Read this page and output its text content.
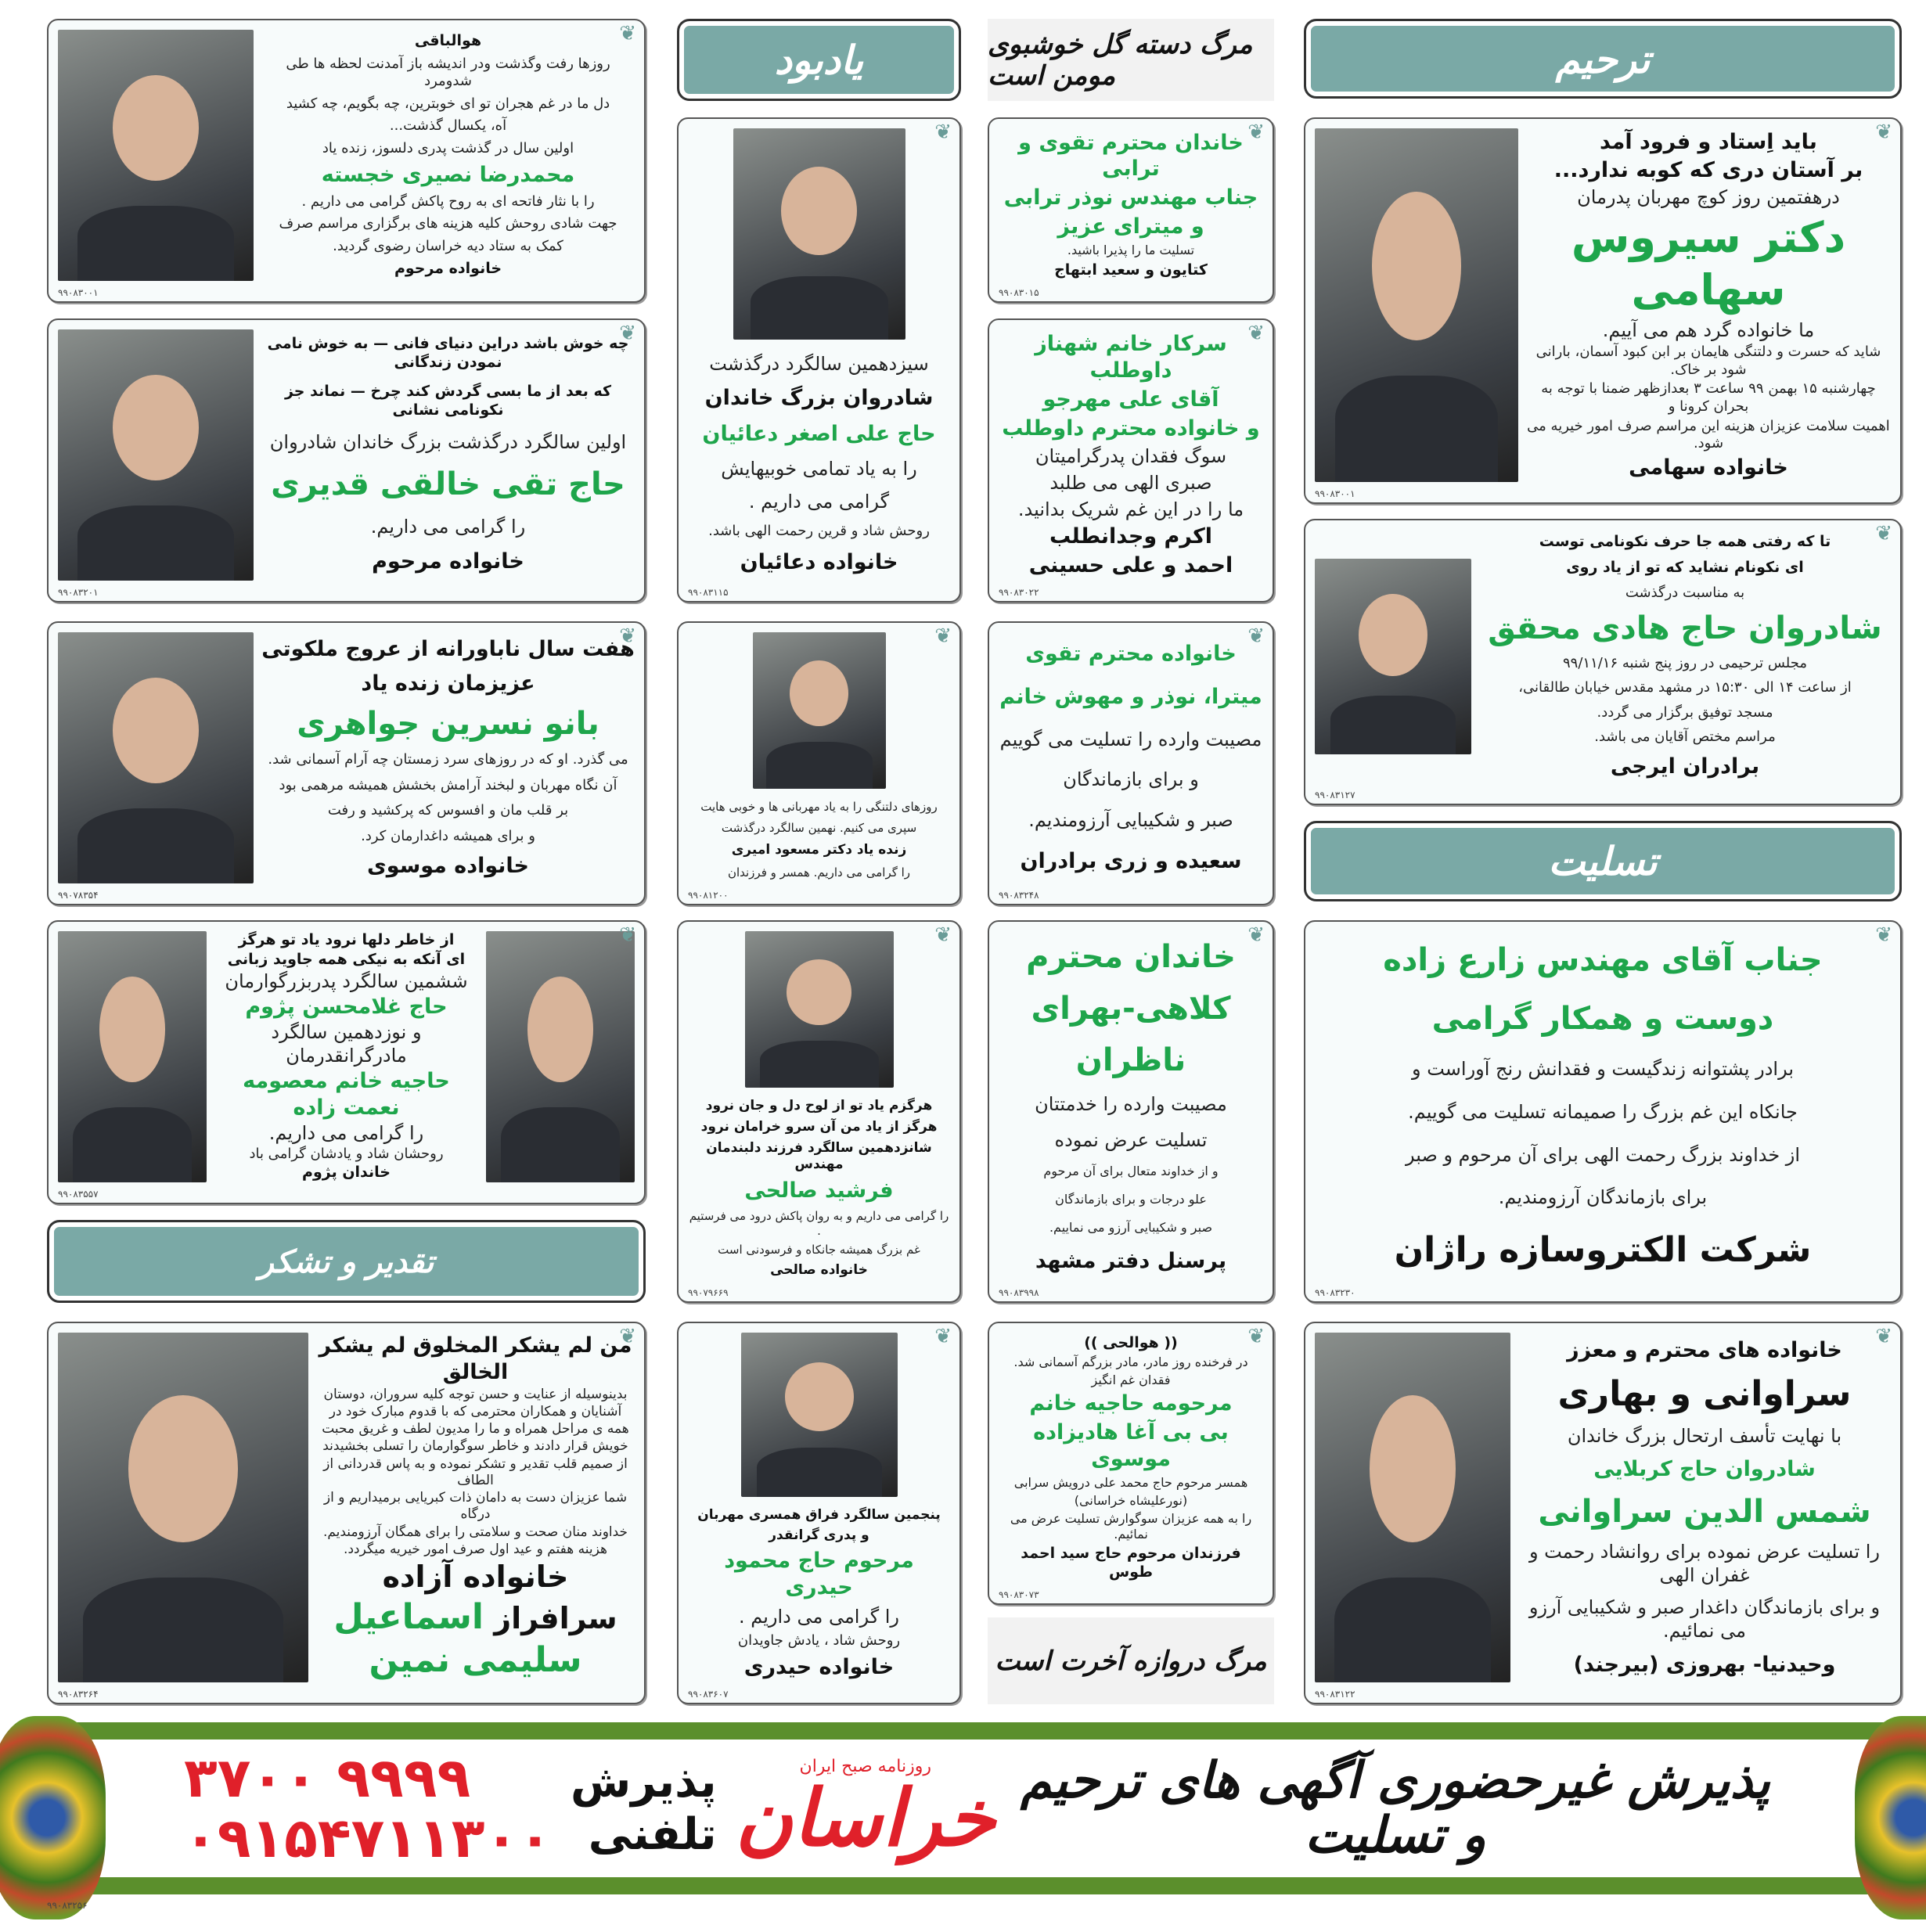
ترحیم
یادبود
تسلیت
تقدیر و تشکر
مرگ دسته گل خوشبوی مومن است
مرگ دروازه آخرت است
هوالباقی
روزها رفت وگذشت ودر اندیشه باز آمدنت لحظه ها طی شدومرد
دل ما در غم هجران تو ای خوبترین، چه بگویم، چه کشید
آه، یکسال گذشت...
اولین سال در گذشت پدری دلسوز، زنده یاد
محمدرضا نصیری خجسته
را با نثار فاتحه ای به روح پاکش گرامی می داریم .
جهت شادی روحش کلیه هزینه های برگزاری مراسم صرف
کمک به ستاد دیه خراسان رضوی گردید.
خانواده مرحوم
۹۹۰۸۳۰۰۱
❦
چه خوش باشد دراین دنیای فانی — به خوش نامی نمودن زندگانی
که بعد از ما بسی گردش کند چرخ — نماند جز نکونامی نشانی
اولین سالگرد درگذشت بزرگ خاندان شادروان
حاج تقی خالقی قدیری
را گرامی می داریم.
خانواده مرحوم
۹۹۰۸۳۲۰۱
❦
هفت سال ناباورانه از عروج ملکوتی
عزیزمان زنده یاد
بانو نسرین جواهری
می گذرد. او که در روزهای سرد زمستان چه آرام آسمانی شد.
آن نگاه مهربان و لبخند آرامش بخشش همیشه مرهمی بود
بر قلب مان و افسوس که پرکشید و رفت
و برای همیشه داغدارمان کرد.
خانواده موسوی
۹۹۰۷۸۳۵۴
❦
از خاطر دلها نرود یاد تو هرگز
ای آنکه به نیکی همه جاوید زبانی
ششمین سالگرد پدربزرگوارمان
حاج غلامحسن پژوم
و نوزدهمین سالگرد مادرگرانقدرمان
حاجیه خانم معصومه نعمت زاده
را گرامی می داریم.
روحشان شاد و یادشان گرامی باد
خاندان پژوم
۹۹۰۸۳۵۵۷
❦
من لم یشکر المخلوق لم یشکر الخالق
بدینوسیله از عنایت و حسن توجه کلیه سروران، دوستان
آشنایان و همکاران محترمی که با قدوم مبارک خود در
همه ی مراحل همراه و ما را مدیون لطف و غریق محبت
خویش قرار دادند و خاطر سوگوارمان را تسلی بخشیدند
از صمیم قلب تقدیر و تشکر نموده و به پاس قدردانی از الطاف
شما عزیزان دست به دامان ذات کبریایی برمیداریم و از درگاه
خداوند منان صحت و سلامتی را برای همگان آرزومندیم.
هزینه هفتم و عید اول صرف امور خیریه میگردد.
خانواده آزاده سرافراز اسماعیل سلیمی نمین
۹۹۰۸۳۲۶۴
❦
سیزدهمین سالگرد درگذشت
شادروان بزرگ خاندان
حاج علی اصغر دعائیان
را به یاد تمامی خوبیهایش
گرامی می داریم .
روحش شاد و قرین رحمت الهی باشد.
خانواده دعائیان
۹۹۰۸۳۱۱۵
❦
روزهای دلتنگی را به یاد مهربانی ها و خوبی هایت
سپری می کنیم. نهمین سالگرد درگذشت
زنده یاد دکتر مسعود امیری
را گرامی می داریم. همسر و فرزندان
۹۹۰۸۱۲۰۰
❦
هرگزم یاد تو از لوح دل و جان نرود
هرگز از یاد من آن سرو خرامان نرود
شانزدهمین سالگرد فرزند دلبندمان مهندس
فرشید صالحی
را گرامی می داریم و به روان پاکش درود می فرستیم .
غم بزرگ همیشه جانکاه و فرسودنی است
خانواده صالحی
۹۹۰۷۹۶۶۹
❦
پنجمین سالگرد فراق همسری مهربان
و پدری گرانقدر
مرحوم حاج محمود حیدری
را گرامی می داریم .
روحش شاد ، یادش جاویدان
خانواده حیدری
۹۹۰۸۳۶۰۷
❦
خاندان محترم تقوی و ترابی
جناب مهندس نوذر ترابی
و میترای عزیز
تسلیت ما را پذیرا باشید.
کتایون و سعید ابتهاج
۹۹۰۸۳۰۱۵
❦
سرکار خانم شهناز داوطلب
آقای علی مهرجو
و خانواده محترم داوطلب
سوگ فقدان پدرگرامیتان
صبری الهی می طلبد
ما را در این غم شریک بدانید.
اکرم وجدانطلب
احمد و علی حسینی
۹۹۰۸۳۰۲۲
❦
خانواده محترم تقوی
میترا، نوذر و مهوش خانم
مصیبت وارده را تسلیت می گوییم
و برای بازماندگان
صبر و شکیبایی آرزومندیم.
سعیده و زری برادران
۹۹۰۸۳۲۴۸
❦
خاندان محترم
کلاهی-بهرای
ناظران
مصیبت وارده را خدمتتان
تسلیت عرض نموده
و از خداوند متعال برای آن مرحوم
علو درجات و برای بازماندگان
صبر و شکیبایی آرزو می نماییم.
پرسنل دفتر مشهد
۹۹۰۸۳۹۹۸
❦
(( هوالحی ))
در فرخنده روز مادر، مادر بزرگم آسمانی شد.
فقدان غم انگیز
مرحومه حاجیه خانم
بی بی آغا هادیزاده موسوی
همسر مرحوم حاج محمد علی درویش سرابی
(نورعلیشاه خراسانی)
را به همه عزیزان سوگوارش تسلیت عرض می نمائیم.
فرزندان مرحوم حاج سید احمد طوس
۹۹۰۸۳۰۷۳
❦
باید اِستاد و فرود آمد
بر آستان دری که کوبه ندارد...
درهفتمین روز کوچ مهربان پدرمان
دکتر سیروس سهامی
ما خانواده گرد هم می آییم.
شاید که حسرت و دلتنگی هایمان بر ابن کبود آسمان، بارانی شود بر خاک.
چهارشنبه ۱۵ بهمن ۹۹ ساعت ۳ بعدازظهر ضمنا با توجه به بحران کرونا و
اهمیت سلامت عزیزان هزینه این مراسم صرف امور خیریه می شود.
خانواده سهامی
۹۹۰۸۳۰۰۱
❦
تا که رفتی همه جا حرف نکونامی توست
ای نکونام نشاید که تو از یاد روی
به مناسبت درگذشت
شادروان حاج هادی محقق
مجلس ترحیمی در روز پنج شنبه ۹۹/۱۱/۱۶
از ساعت ۱۴ الی ۱۵:۳۰ در مشهد مقدس خیابان طالقانی،
مسجد توفیق برگزار می گردد.
مراسم مختص آقایان می باشد.
برادران ایرجی
۹۹۰۸۳۱۲۷
❦
جناب آقای مهندس زارع زاده
دوست و همکار گرامی
برادر پشتوانه زندگیست و فقدانش رنج آوراست و
جانکاه این غم بزرگ را صمیمانه تسلیت می گوییم.
از خداوند بزرگ رحمت الهی برای آن مرحوم و صبر
برای بازماندگان آرزومندیم.
شرکت الکتروسازه راژان
۹۹۰۸۳۲۳۰
❦
خانواده های محترم و معزز
سراوانی و بهاری
با نهایت تأسف ارتحال بزرگ خاندان
شادروان حاج کربلایی
شمس الدین سراوانی
را تسلیت عرض نموده برای روانشاد رحمت و غفران الهی
و برای بازماندگان داغدار صبر و شکیبایی آرزو می نمائیم.
وحیدنیا- بهروزی (بیرجند)
۹۹۰۸۳۱۲۲
❦
پذیرش غیرحضوری آگهی های ترحیم و تسلیت
روزنامه صبح ایران
خراسان
پذیرش
تلفنی
۳۷۰۰ ۹۹۹۹
۰۹۱۵۴۷۱۱۳۰۰
۹۹۰۸۳۲۵۶
